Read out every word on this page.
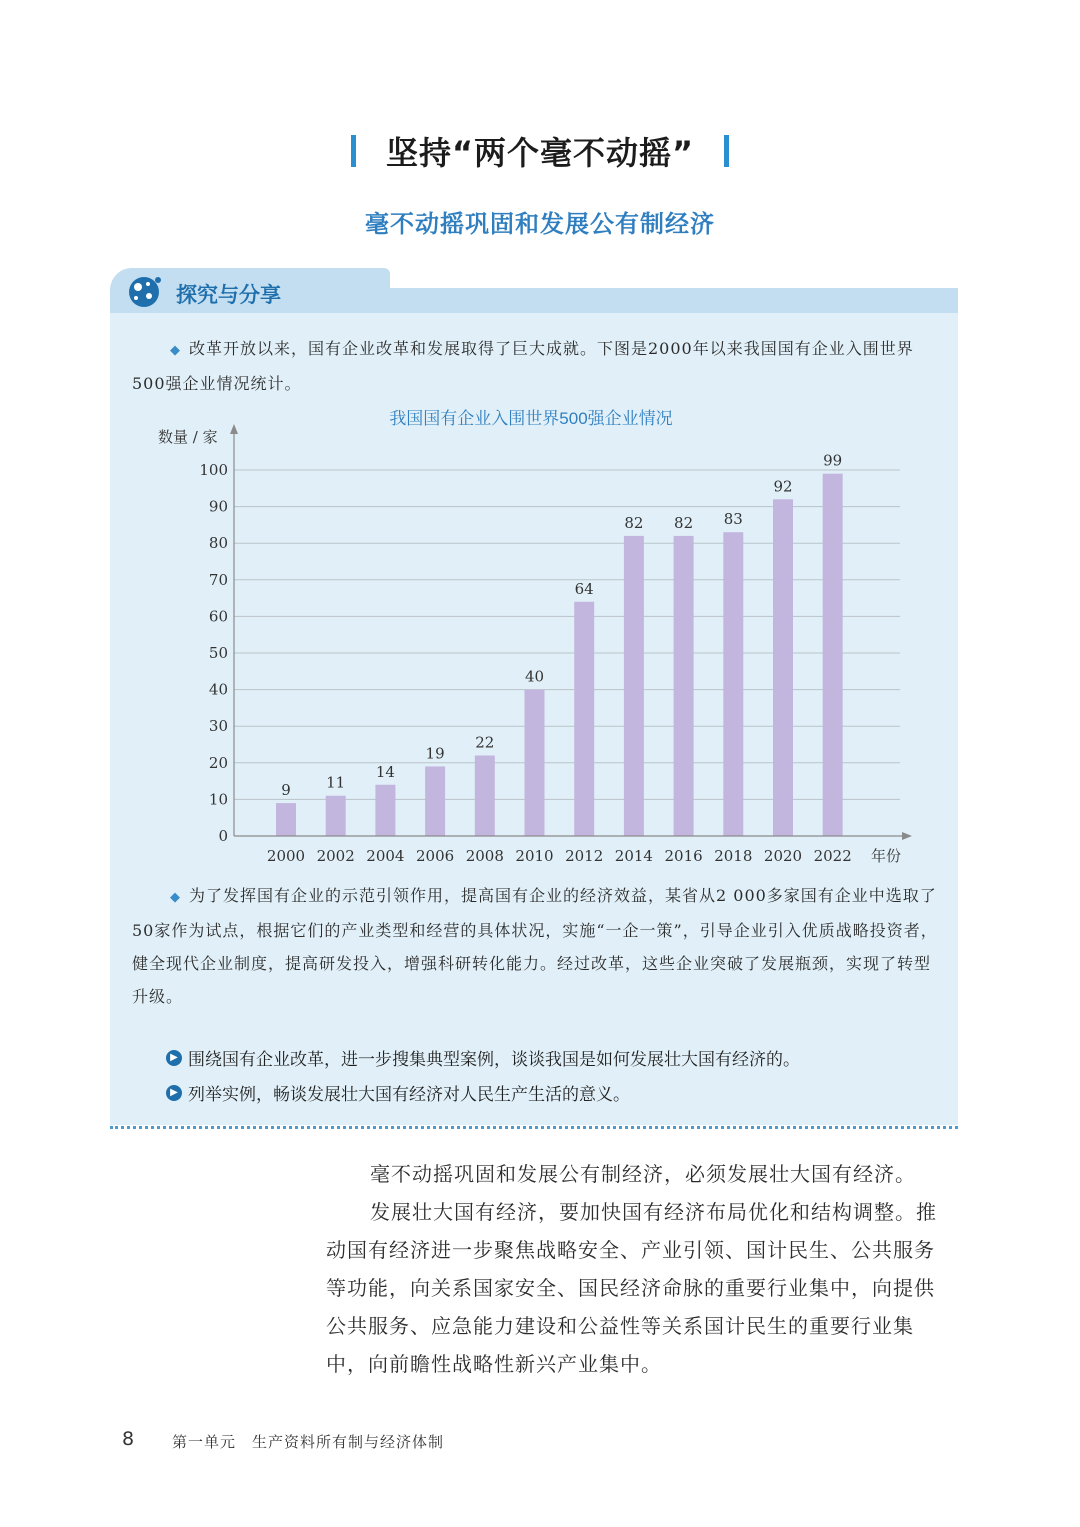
坚持“两个毫不动摇”
毫不动摇巩固和发展公有制经济
探究与分享
◆ 改革开放以来，国有企业改革和发展取得了巨大成就。下图是2000年以来我国国有企业入围世界500强企业情况统计。
我国国有企业入围世界500强企业情况
数量 / 家
年份
0
10
20
30
40
50
60
70
80
90
100
9
2000
11
2002
14
2004
19
2006
22
2008
40
2010
64
2012
82
2014
82
2016
83
2018
92
2020
99
2022
◆ 为了发挥国有企业的示范引领作用，提高国有企业的经济效益，某省从2 000多家国有企业中选取了50家作为试点，根据它们的产业类型和经营的具体状况，实施“一企一策”，引导企业引入优质战略投资者，健全现代企业制度，提高研发投入，增强科研转化能力。经过改革，这些企业突破了发展瓶颈，实现了转型升级。
▶ 围绕国有企业改革，进一步搜集典型案例，谈谈我国是如何发展壮大国有经济的。
▶ 列举实例，畅谈发展壮大国有经济对人民生产生活的意义。
毫不动摇巩固和发展公有制经济，必须发展壮大国有经济。
发展壮大国有经济，要加快国有经济布局优化和结构调整。推
动国有经济进一步聚焦战略安全、产业引领、国计民生、公共服务
等功能，向关系国家安全、国民经济命脉的重要行业集中，向提供
公共服务、应急能力建设和公益性等关系国计民生的重要行业集
中，向前瞻性战略性新兴产业集中。
8	第一单元　生产资料所有制与经济体制
